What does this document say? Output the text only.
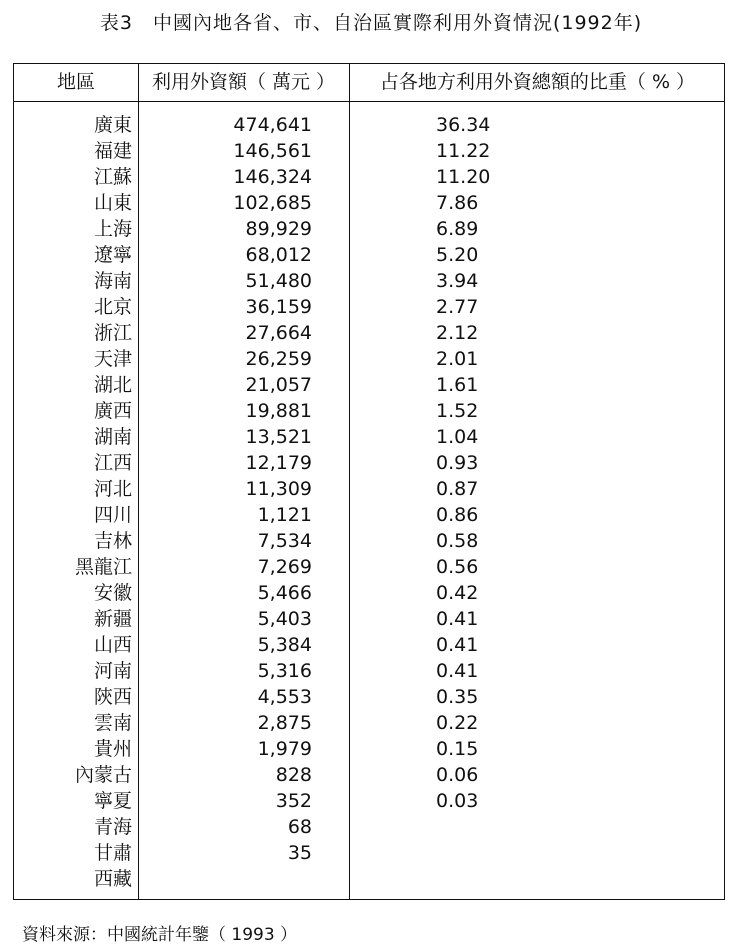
表3　中國內地各省、市、自治區實際利用外資情況(1992年)
地區	利用外資額（ 萬元 ）	占各地方利用外資總額的比重（ % ）
廣東	474,641	36.34
福建	146,561	11.22
江蘇	146,324	11.20
山東	102,685	7.86
上海	89,929	6.89
遼寧	68,012	5.20
海南	51,480	3.94
北京	36,159	2.77
浙江	27,664	2.12
天津	26,259	2.01
湖北	21,057	1.61
廣西	19,881	1.52
湖南	13,521	1.04
江西	12,179	0.93
河北	11,309	0.87
四川	1,121	0.86
吉林	7,534	0.58
黑龍江	7,269	0.56
安徽	5,466	0.42
新疆	5,403	0.41
山西	5,384	0.41
河南	5,316	0.41
陝西	4,553	0.35
雲南	2,875	0.22
貴州	1,979	0.15
內蒙古	828	0.06
寧夏	352	0.03
青海	68
甘肅	35
西藏
資料來源：中國統計年鑒（ 1993 ）
